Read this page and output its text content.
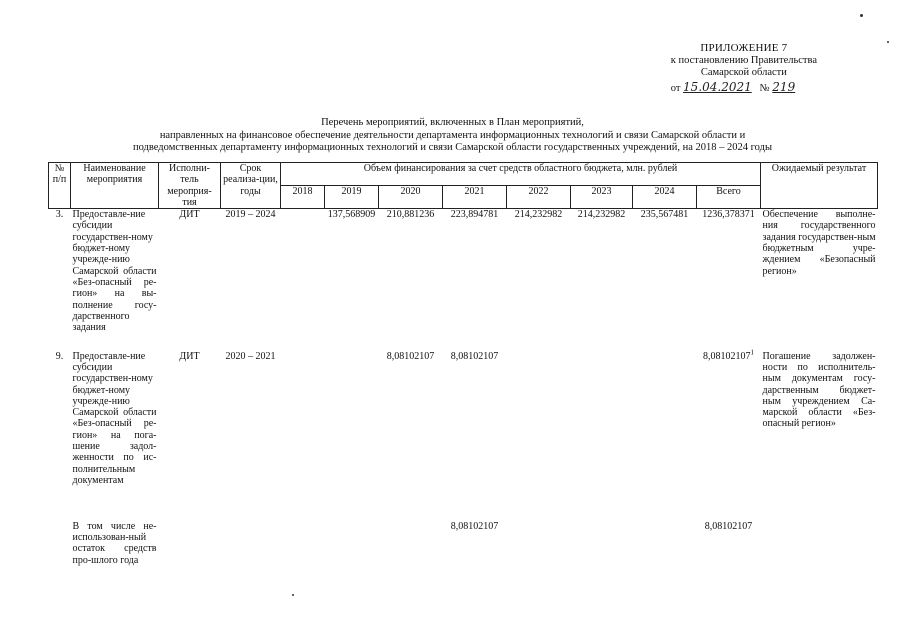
ПРИЛОЖЕНИЕ 7
к постановлению Правительства
Самарской области
от 15.04.2021 № 219
Перечень мероприятий, включенных в План мероприятий,
направленных на финансовое обеспечение деятельности департамента информационных технологий и связи Самарской области и
подведомственных департаменту информационных технологий и связи Самарской области государственных учреждений, на 2018 – 2024 годы
№ п/п	Наименование мероприятия	Исполни-тель мероприя-тия	Срок реализа-ции, годы	Объем финансирования за счет средств областного бюджета, млн. рублей								Ожидаемый результат
				2018	2019	2020	2021	2022	2023	2024	Всего	
3.	Предоставле-ние субсидии государствен-ному бюджет-ному учрежде-нию Самарской области «Без-опасный ре-гион» на вы-полнение госу-дарственного задания	ДИТ	2019 – 2024		137,568909	210,881236	223,894781	214,232982	214,232982	235,567481	1236,378371	Обеспечение выполне-ния государственного задания государствен-ным бюджетным учре-ждением «Безопасный регион»
9.	Предоставле-ние субсидии государствен-ному бюджет-ному учрежде-нию Самарской области «Без-опасный ре-гион» на пога-шение задол-женности по ис-полнительным документам	ДИТ	2020 – 2021			8,08102107	8,08102107				8,08102107$^1$	Погашение задолжен-ности по исполнитель-ным документам госу-дарственным бюджет-ным учреждением Са-марской области «Без-опасный регион»
	В том числе не-использован-ный остаток средств про-шлого года						8,08102107				8,08102107	
